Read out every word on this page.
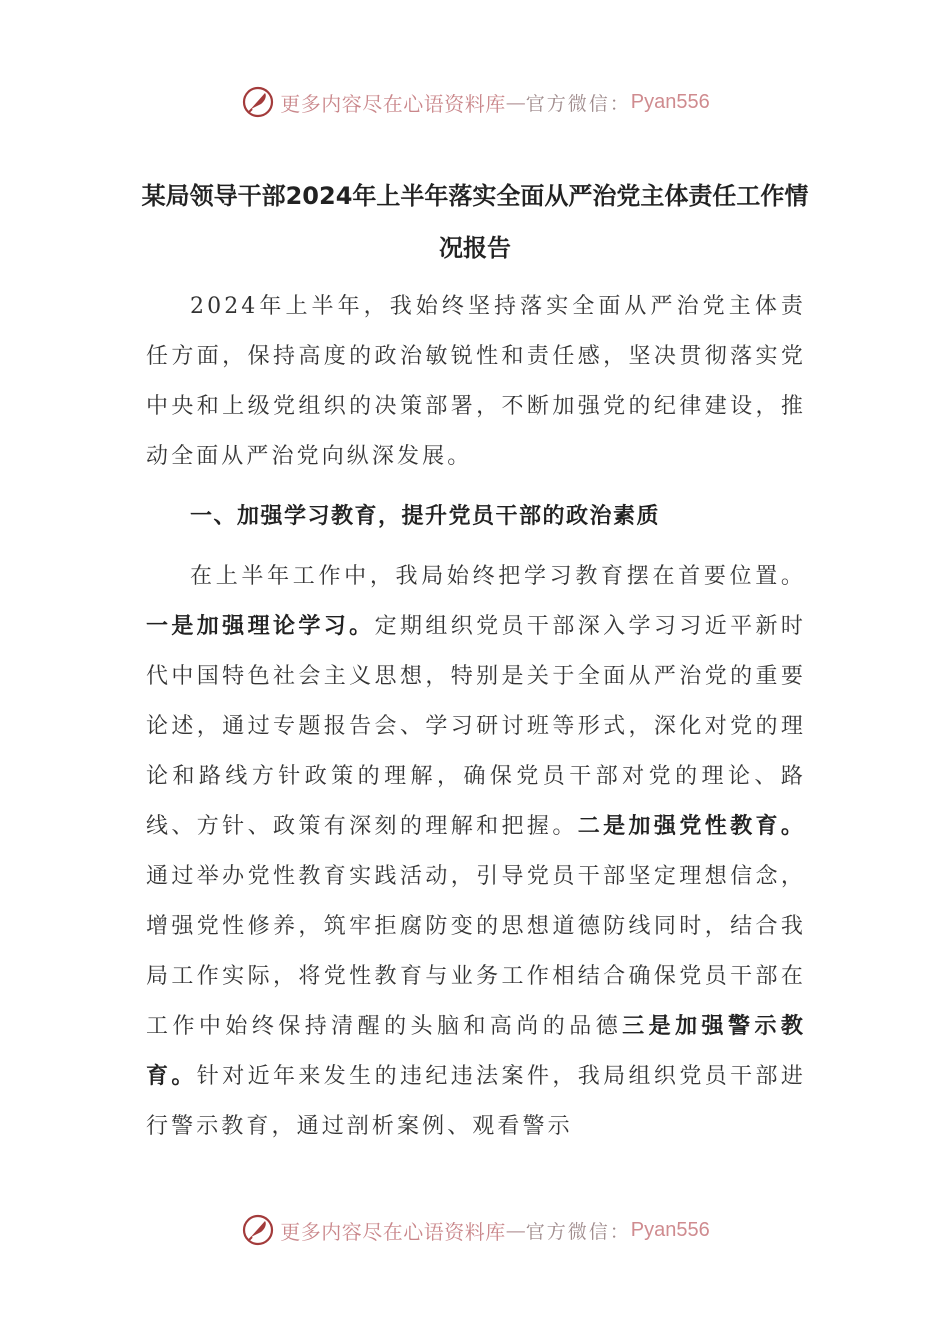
更多内容尽在心语资料库 — 官方微信： Pyan556
某局领导干部2024年上半年落实全面从严治党主体责任工作情况报告

2024年上半年，我始终坚持落实全面从严治党主体责任方面，保持高度的政治敏锐性和责任感，坚决贯彻落实党中央和上级党组织的决策部署，不断加强党的纪律建设，推动全面从严治党向纵深发展。

一、加强学习教育，提升党员干部的政治素质

在上半年工作中，我局始终把学习教育摆在首要位置。一是加强理论学习。定期组织党员干部深入学习习近平新时代中国特色社会主义思想，特别是关于全面从严治党的重要论述，通过专题报告会、学习研讨班等形式，深化对党的理论和路线方针政策的理解，确保党员干部对党的理论、路线、方针、政策有深刻的理解和把握。二是加强党性教育。通过举办党性教育实践活动，引导党员干部坚定理想信念，增强党性修养，筑牢拒腐防变的思想道德防线同时，结合我局工作实际，将党性教育与业务工作相结合确保党员干部在工作中始终保持清醒的头脑和高尚的品德三是加强警示教育。针对近年来发生的违纪违法案件，我局组织党员干部进行警示教育，通过剖析案例、观看警示

更多内容尽在心语资料库 — 官方微信： Pyan556
